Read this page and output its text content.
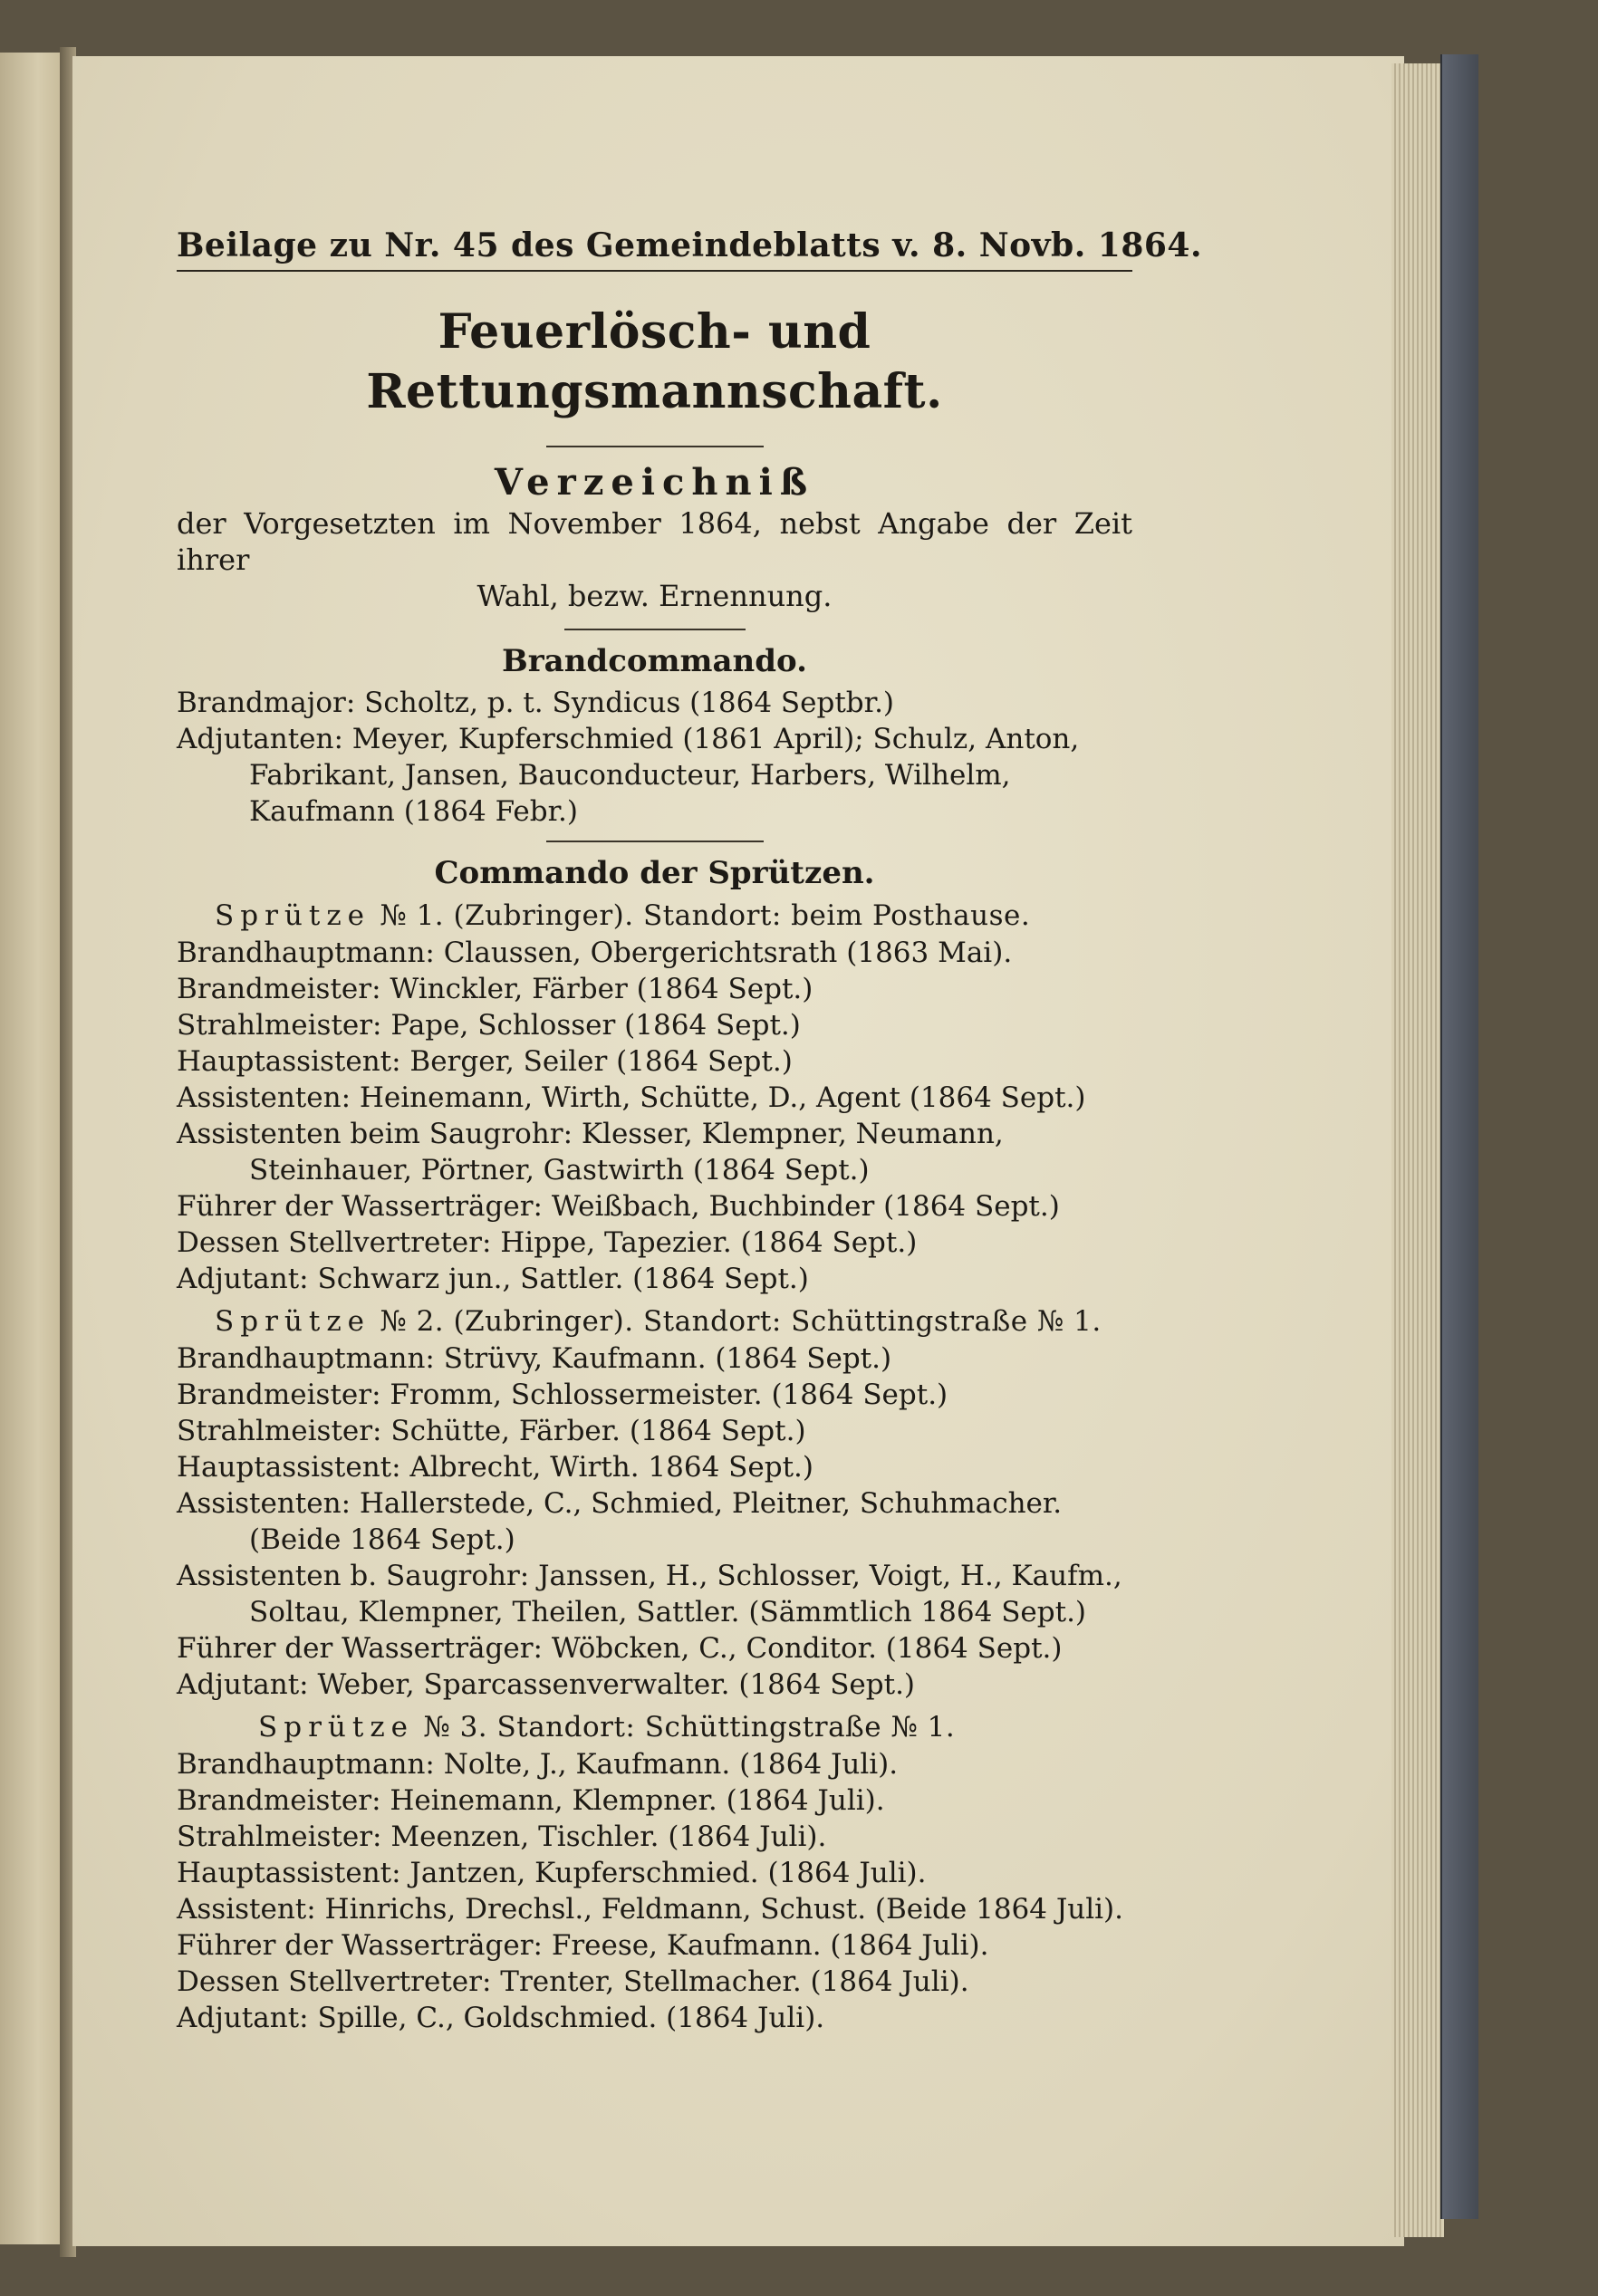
Beilage zu Nr. 45 des Gemeindeblatts v. 8. Novb. 1864.
Feuerlösch- und Rettungsmannschaft.
Verzeichniß
der Vorgesetzten im November 1864, nebst Angabe der Zeit ihrer
Wahl, bezw. Ernennung.
Brandcommando.
Brandmajor: Scholtz, p. t. Syndicus (1864 Septbr.)
Adjutanten: Meyer, Kupferschmied (1861 April); Schulz, Anton, Fabrikant, Jansen, Bauconducteur, Harbers, Wilhelm, Kaufmann (1864 Febr.)
Commando der Sprützen.
Sprütze № 1. (Zubringer). Standort: beim Posthause.
Brandhauptmann: Claussen, Obergerichtsrath (1863 Mai).
Brandmeister: Winckler, Färber (1864 Sept.)
Strahlmeister: Pape, Schlosser (1864 Sept.)
Hauptassistent: Berger, Seiler (1864 Sept.)
Assistenten: Heinemann, Wirth, Schütte, D., Agent (1864 Sept.)
Assistenten beim Saugrohr: Klesser, Klempner, Neumann, Steinhauer, Pörtner, Gastwirth (1864 Sept.)
Führer der Wasserträger: Weißbach, Buchbinder (1864 Sept.)
Dessen Stellvertreter: Hippe, Tapezier. (1864 Sept.)
Adjutant: Schwarz jun., Sattler. (1864 Sept.)
Sprütze № 2. (Zubringer). Standort: Schüttingstraße № 1.
Brandhauptmann: Strüvy, Kaufmann. (1864 Sept.)
Brandmeister: Fromm, Schlossermeister. (1864 Sept.)
Strahlmeister: Schütte, Färber. (1864 Sept.)
Hauptassistent: Albrecht, Wirth. 1864 Sept.)
Assistenten: Hallerstede, C., Schmied, Pleitner, Schuhmacher. (Beide 1864 Sept.)
Assistenten b. Saugrohr: Janssen, H., Schlosser, Voigt, H., Kaufm., Soltau, Klempner, Theilen, Sattler. (Sämmtlich 1864 Sept.)
Führer der Wasserträger: Wöbcken, C., Conditor. (1864 Sept.)
Adjutant: Weber, Sparcassenverwalter. (1864 Sept.)
Sprütze № 3. Standort: Schüttingstraße № 1.
Brandhauptmann: Nolte, J., Kaufmann. (1864 Juli).
Brandmeister: Heinemann, Klempner. (1864 Juli).
Strahlmeister: Meenzen, Tischler. (1864 Juli).
Hauptassistent: Jantzen, Kupferschmied. (1864 Juli).
Assistent: Hinrichs, Drechsl., Feldmann, Schust. (Beide 1864 Juli).
Führer der Wasserträger: Freese, Kaufmann. (1864 Juli).
Dessen Stellvertreter: Trenter, Stellmacher. (1864 Juli).
Adjutant: Spille, C., Goldschmied. (1864 Juli).
